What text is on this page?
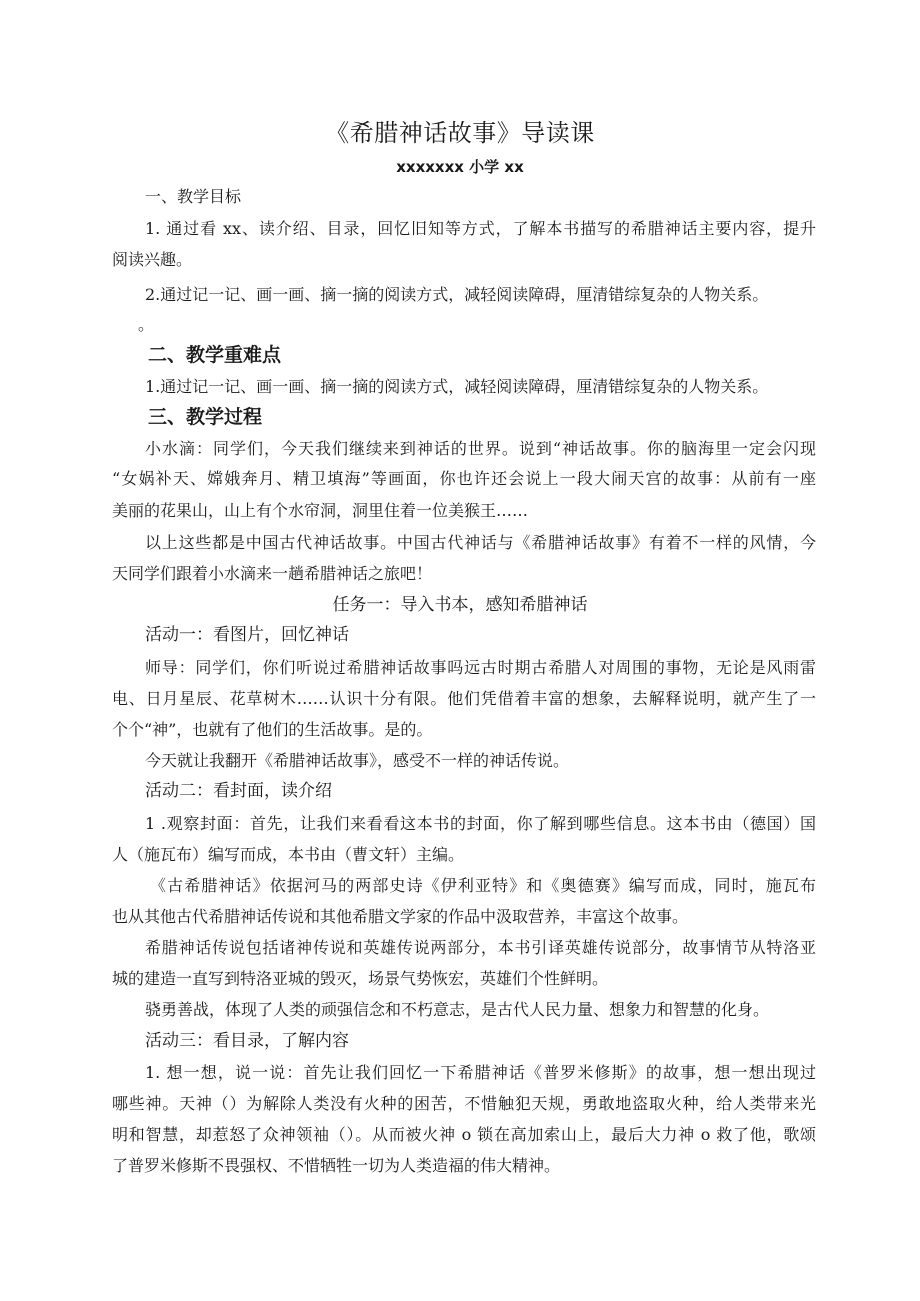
《希腊神话故事》导读课
xxxxxxx 小学 xx
一、教学目标
1. 通过看 xx、读介绍、目录，回忆旧知等方式，了解本书描写的希腊神话主要内容，提升
阅读兴趣。
2.通过记一记、画一画、摘一摘的阅读方式，减轻阅读障碍，厘清错综复杂的人物关系。
。
二、教学重难点
1.通过记一记、画一画、摘一摘的阅读方式，减轻阅读障碍，厘清错综复杂的人物关系。
三、教学过程
小水滴：同学们，今天我们继续来到神话的世界。说到“神话故事。你的脑海里一定会闪现
“女娲补天、嫦娥奔月、精卫填海”等画面，你也许还会说上一段大闹天宫的故事：从前有一座
美丽的花果山，山上有个水帘洞，洞里住着一位美猴王……
以上这些都是中国古代神话故事。中国古代神话与《希腊神话故事》有着不一样的风情，今
天同学们跟着小水滴来一趟希腊神话之旅吧！
任务一：导入书本，感知希腊神话
活动一：看图片，回忆神话
师导：同学们，你们听说过希腊神话故事吗远古时期古希腊人对周围的事物，无论是风雨雷
电、日月星辰、花草树木……认识十分有限。他们凭借着丰富的想象，去解释说明，就产生了一
个个“神”，也就有了他们的生活故事。是的。
今天就让我翻开《希腊神话故事》，感受不一样的神话传说。
活动二：看封面，读介绍
1 .观察封面：首先，让我们来看看这本书的封面，你了解到哪些信息。这本书由（德国）国
人（施瓦布）编写而成，本书由（曹文轩）主编。
《古希腊神话》依据河马的两部史诗《伊利亚特》和《奥德赛》编写而成，同时，施瓦布
也从其他古代希腊神话传说和其他希腊文学家的作品中汲取营养，丰富这个故事。
希腊神话传说包括诸神传说和英雄传说两部分，本书引译英雄传说部分，故事情节从特洛亚
城的建造一直写到特洛亚城的毁灭，场景气势恢宏，英雄们个性鲜明。
骁勇善战，体现了人类的顽强信念和不朽意志，是古代人民力量、想象力和智慧的化身。
活动三：看目录，了解内容
1. 想一想，说一说：首先让我们回忆一下希腊神话《普罗米修斯》的故事，想一想出现过
哪些神。天神（）为解除人类没有火种的困苦，不惜触犯天规，勇敢地盗取火种，给人类带来光
明和智慧，却惹怒了众神领袖（）。从而被火神 o 锁在高加索山上，最后大力神 o 救了他，歌颂
了普罗米修斯不畏强权、不惜牺牲一切为人类造福的伟大精神。
